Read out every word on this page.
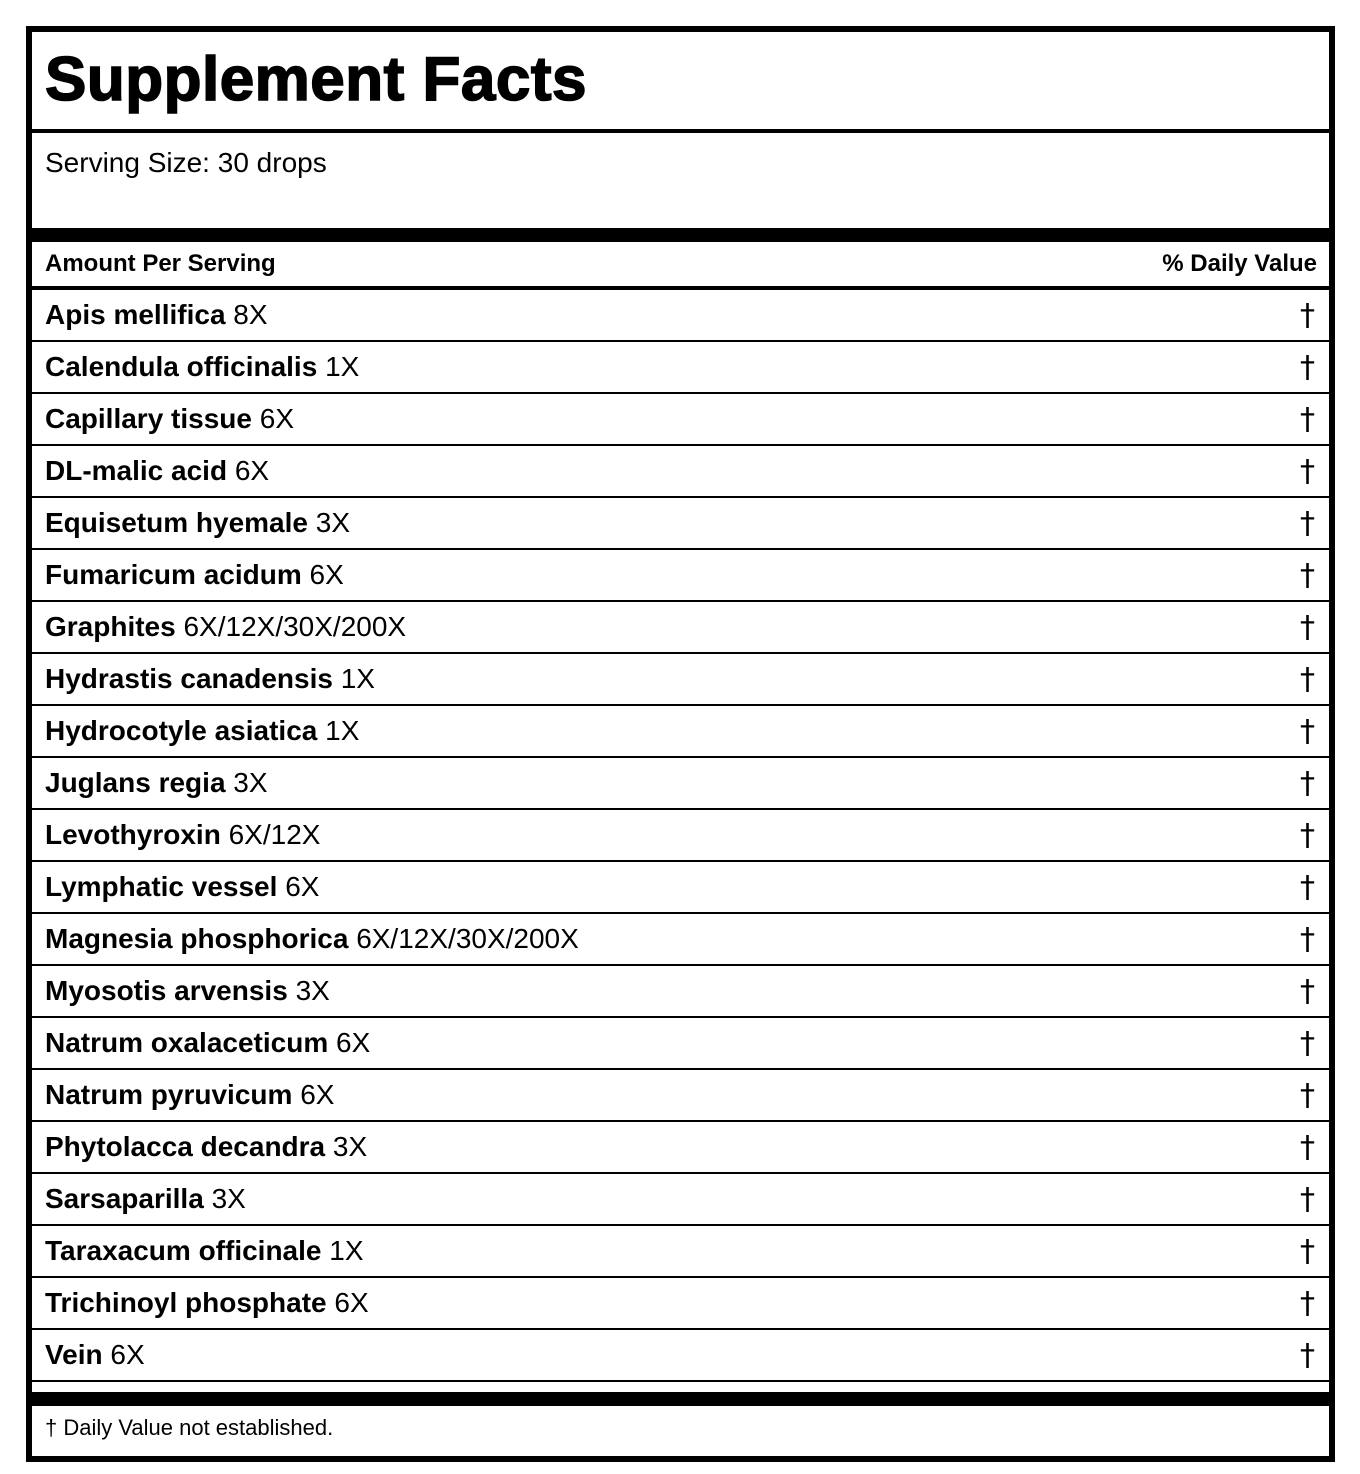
Supplement Facts
Serving Size: 30 drops
Amount Per Serving	% Daily Value
Apis mellifica 8X	†
Calendula officinalis 1X	†
Capillary tissue 6X	†
DL-malic acid 6X	†
Equisetum hyemale 3X	†
Fumaricum acidum 6X	†
Graphites 6X/12X/30X/200X	†
Hydrastis canadensis 1X	†
Hydrocotyle asiatica 1X	†
Juglans regia 3X	†
Levothyroxin 6X/12X	†
Lymphatic vessel 6X	†
Magnesia phosphorica 6X/12X/30X/200X	†
Myosotis arvensis 3X	†
Natrum oxalaceticum 6X	†
Natrum pyruvicum 6X	†
Phytolacca decandra 3X	†
Sarsaparilla 3X	†
Taraxacum officinale 1X	†
Trichinoyl phosphate 6X	†
Vein 6X	†
† Daily Value not established.
